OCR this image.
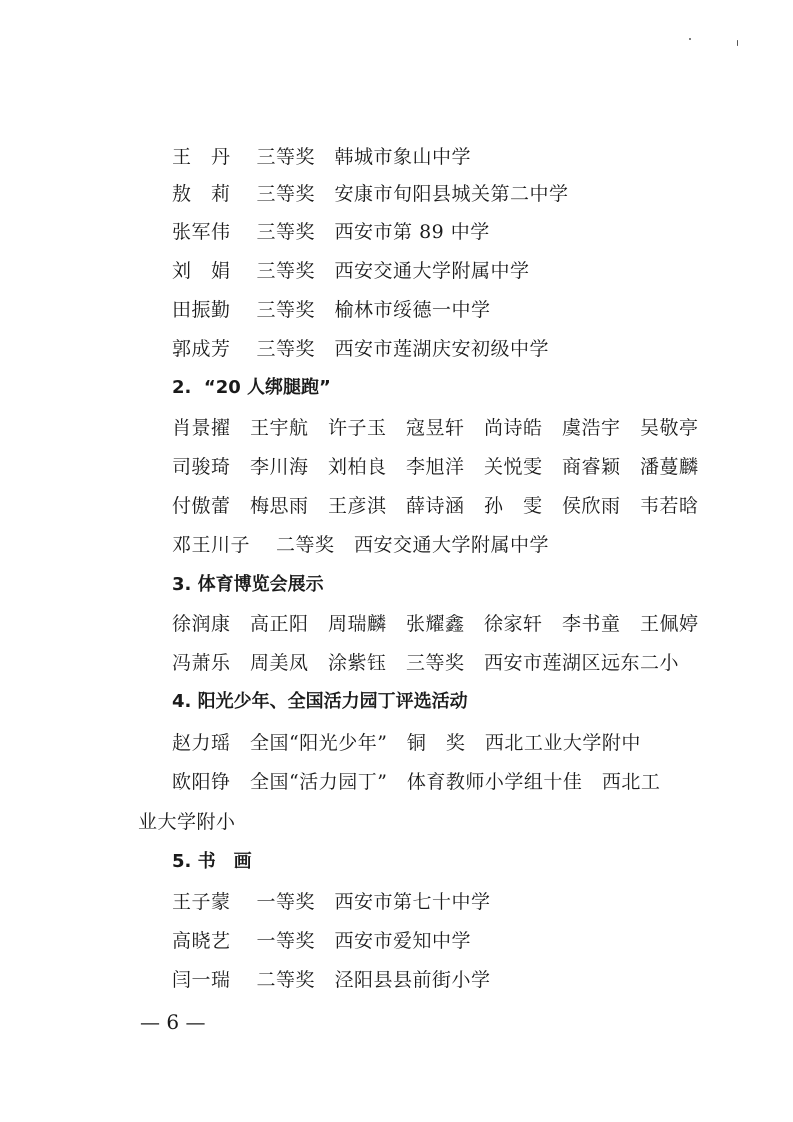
王　丹　 三等奖　韩城市象山中学
敖　莉　 三等奖　安康市旬阳县城关第二中学
张军伟　 三等奖　西安市第 89 中学
刘　娟　 三等奖　西安交通大学附属中学
田振勤　 三等奖　榆林市绥德一中学
郭成芳　 三等奖　西安市莲湖庆安初级中学
2.  “20 人绑腿跑”
肖景擢　王宇航　许子玉　寇昱轩　尚诗皓　虞浩宇　吴敬亭
司骏琦　李川海　刘柏良　李旭洋　关悦雯　商睿颖　潘蔓麟
付傲蕾　梅思雨　王彦淇　薛诗涵　孙　雯　侯欣雨　韦若晗
邓王川子　 二等奖　西安交通大学附属中学
3. 体育博览会展示
徐润康　高正阳　周瑞麟　张耀鑫　徐家轩　李书童　王佩婷
冯萧乐　周美凤　涂紫钰　三等奖　西安市莲湖区远东二小
4. 阳光少年、全国活力园丁评选活动
赵力瑶　全国“阳光少年”　铜　奖　西北工业大学附中
欧阳铮　全国“活力园丁”　体育教师小学组十佳　西北工
业大学附小
5. 书　画
王子蒙　 一等奖　西安市第七十中学
高晓艺　 一等奖　西安市爱知中学
闫一瑞　 二等奖　泾阳县县前街小学
— 6 —
